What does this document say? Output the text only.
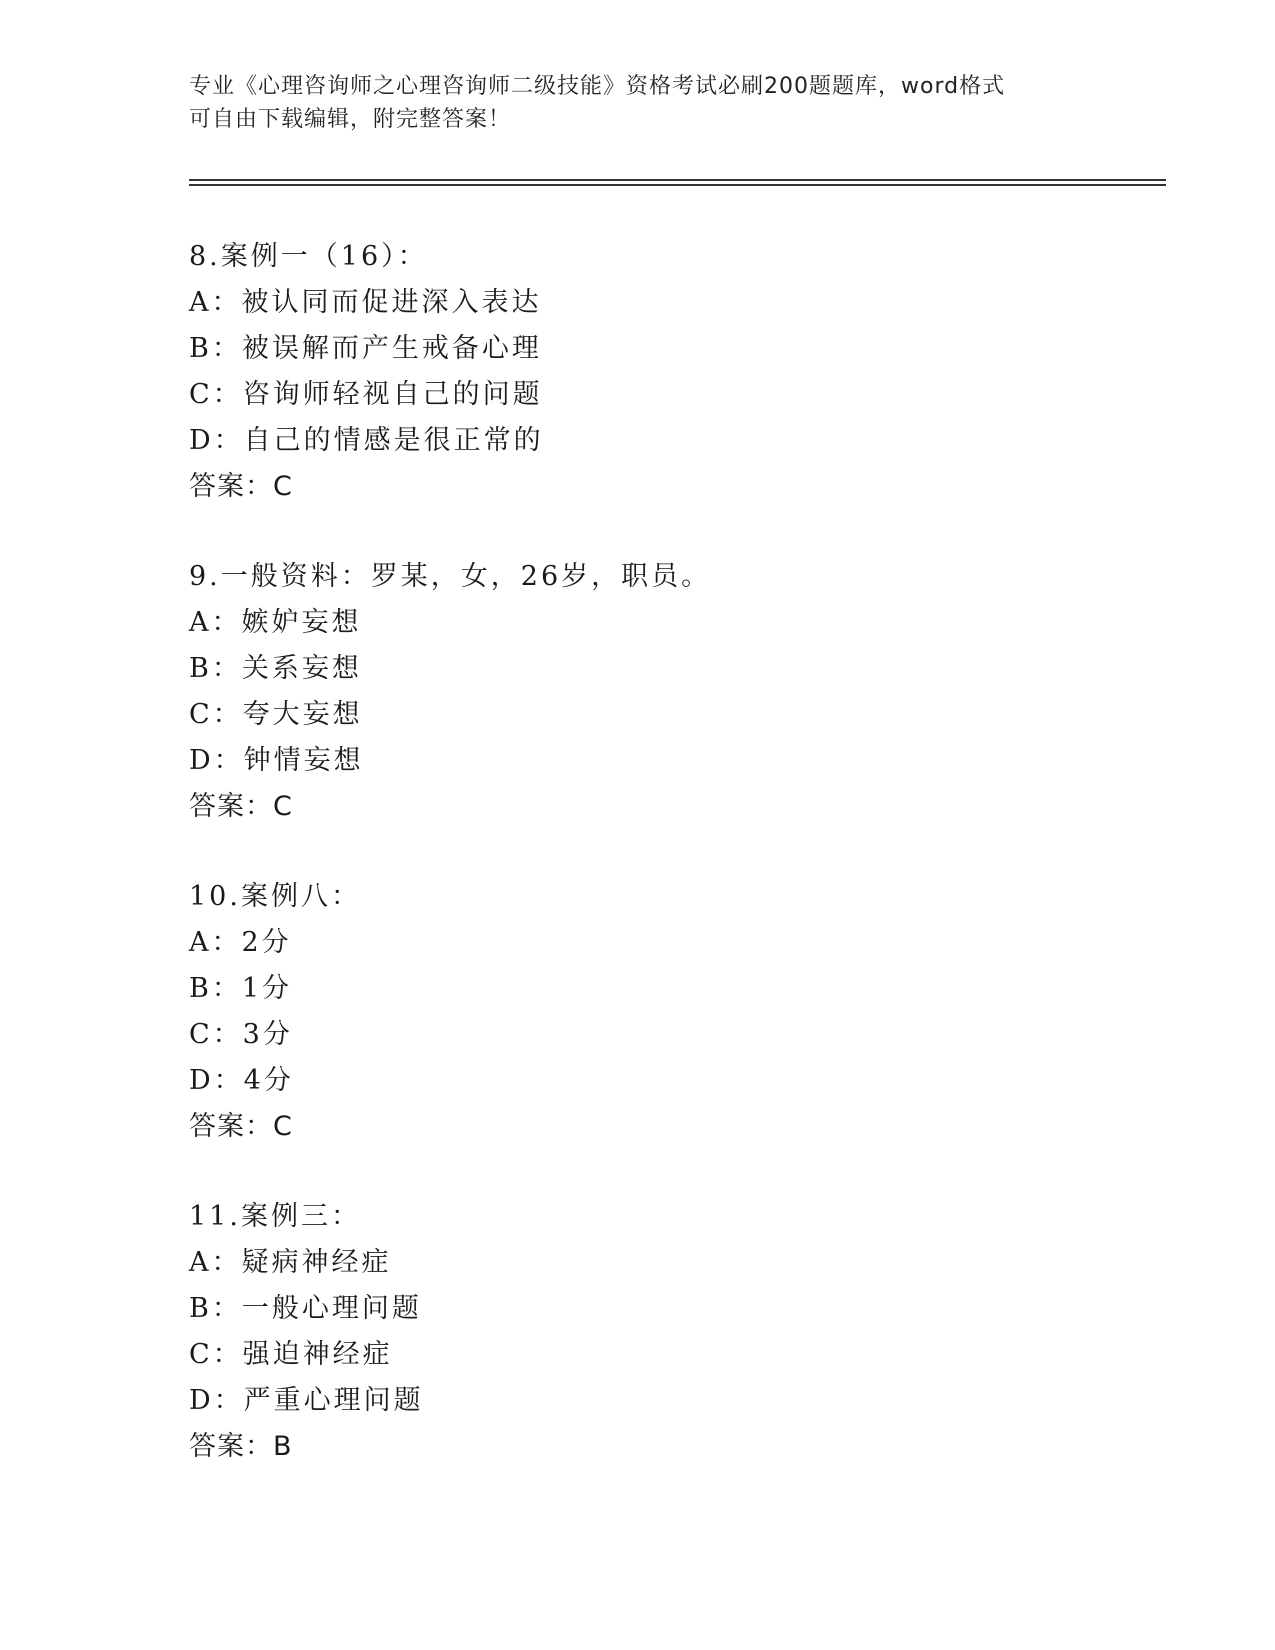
专业《心理咨询师之心理咨询师二级技能》资格考试必刷200题题库，word格式
可自由下载编辑，附完整答案！
8.案例一（16）：
A：被认同而促进深入表达
B：被误解而产生戒备心理
C：咨询师轻视自己的问题
D：自己的情感是很正常的
答案：C
9.一般资料：罗某，女，26岁，职员。
A：嫉妒妄想
B：关系妄想
C：夸大妄想
D：钟情妄想
答案：C
10.案例八：
A：2分
B：1分
C：3分
D：4分
答案：C
11.案例三：
A：疑病神经症
B：一般心理问题
C：强迫神经症
D：严重心理问题
答案：B
